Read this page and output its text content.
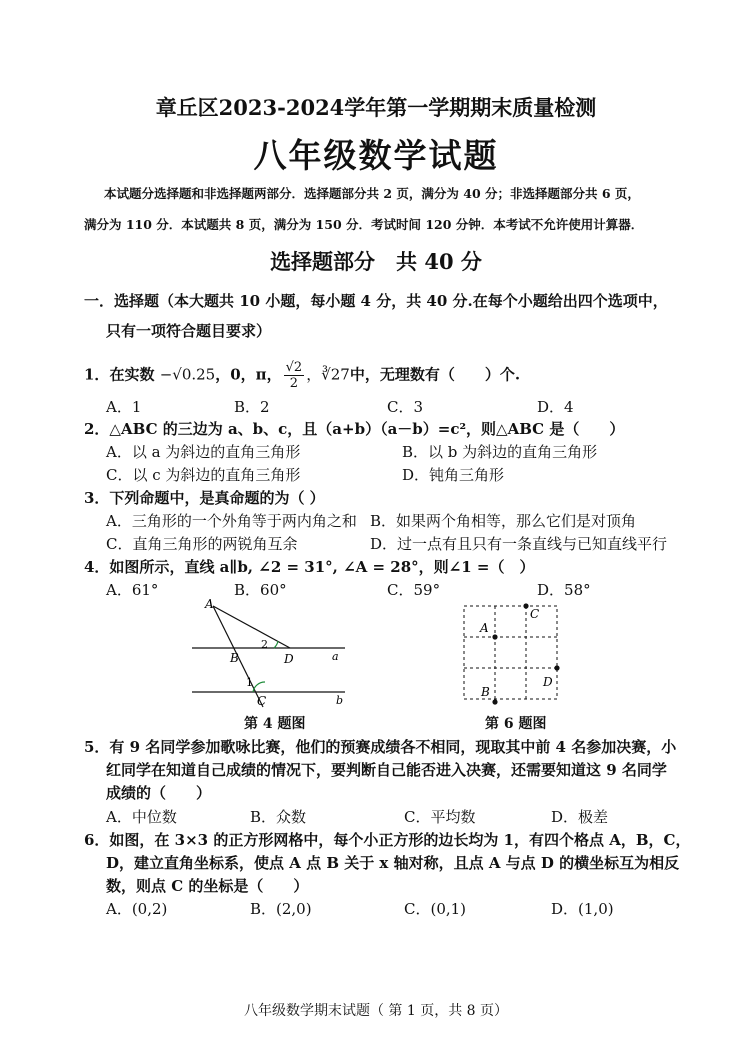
章丘区2023-2024学年第一学期期末质量检测
八年级数学试题
本试题分选择题和非选择题两部分．选择题部分共 2 页，满分为 40 分；非选择题部分共 6 页，
满分为 110 分．本试题共 8 页，满分为 150 分．考试时间 120 分钟．本考试不允许使用计算器．
选择题部分　共 40 分
一．选择题（本大题共 10 小题，每小题 4 分，共 40 分.在每个小题给出四个选项中，
只有一项符合题目要求）
1．在实数 −√0.25，0，π， $\frac{√2}{2}$ ，∛27中，无理数有（　　）个.
A．1	B．2	C．3	D．4
2．△ABC 的三边为 a、b、c，且（a+b）（a－b）=c²，则△ABC 是（　　）
A．以 a 为斜边的直角三角形	B．以 b 为斜边的直角三角形
C．以 c 为斜边的直角三角形	D．钝角三角形
3．下列命题中，是真命题的为（ ）
A．三角形的一个外角等于两内角之和 B．如果两个角相等，那么它们是对顶角
C．直角三角形的两锐角互余	D．过一点有且只有一条直线与已知直线平行
4．如图所示，直线 a∥b, ∠2 = 31°, ∠A = 28°，则∠1 =（　）
A．61°	B．60°	C．59°	D．58°
A
B	D
C
a
b
2
1
第 4 题图
C
A
D
B
第 6 题图
5．有 9 名同学参加歌咏比赛，他们的预赛成绩各不相同，现取其中前 4 名参加决赛，小
红同学在知道自己成绩的情况下，要判断自己能否进入决赛，还需要知道这 9 名同学
成绩的（　　）
A．中位数	B．众数	C．平均数	D．极差
6．如图，在 3×3 的正方形网格中，每个小正方形的边长均为 1，有四个格点 A，B，C，
D，建立直角坐标系，使点 A 点 B 关于 x 轴对称，且点 A 与点 D 的横坐标互为相反
数，则点 C 的坐标是（　　）
A．(0,2)	B．(2,0)	C．(0,1)	D．(1,0)
八年级数学期末试题（ 第 1 页，共 8 页）
